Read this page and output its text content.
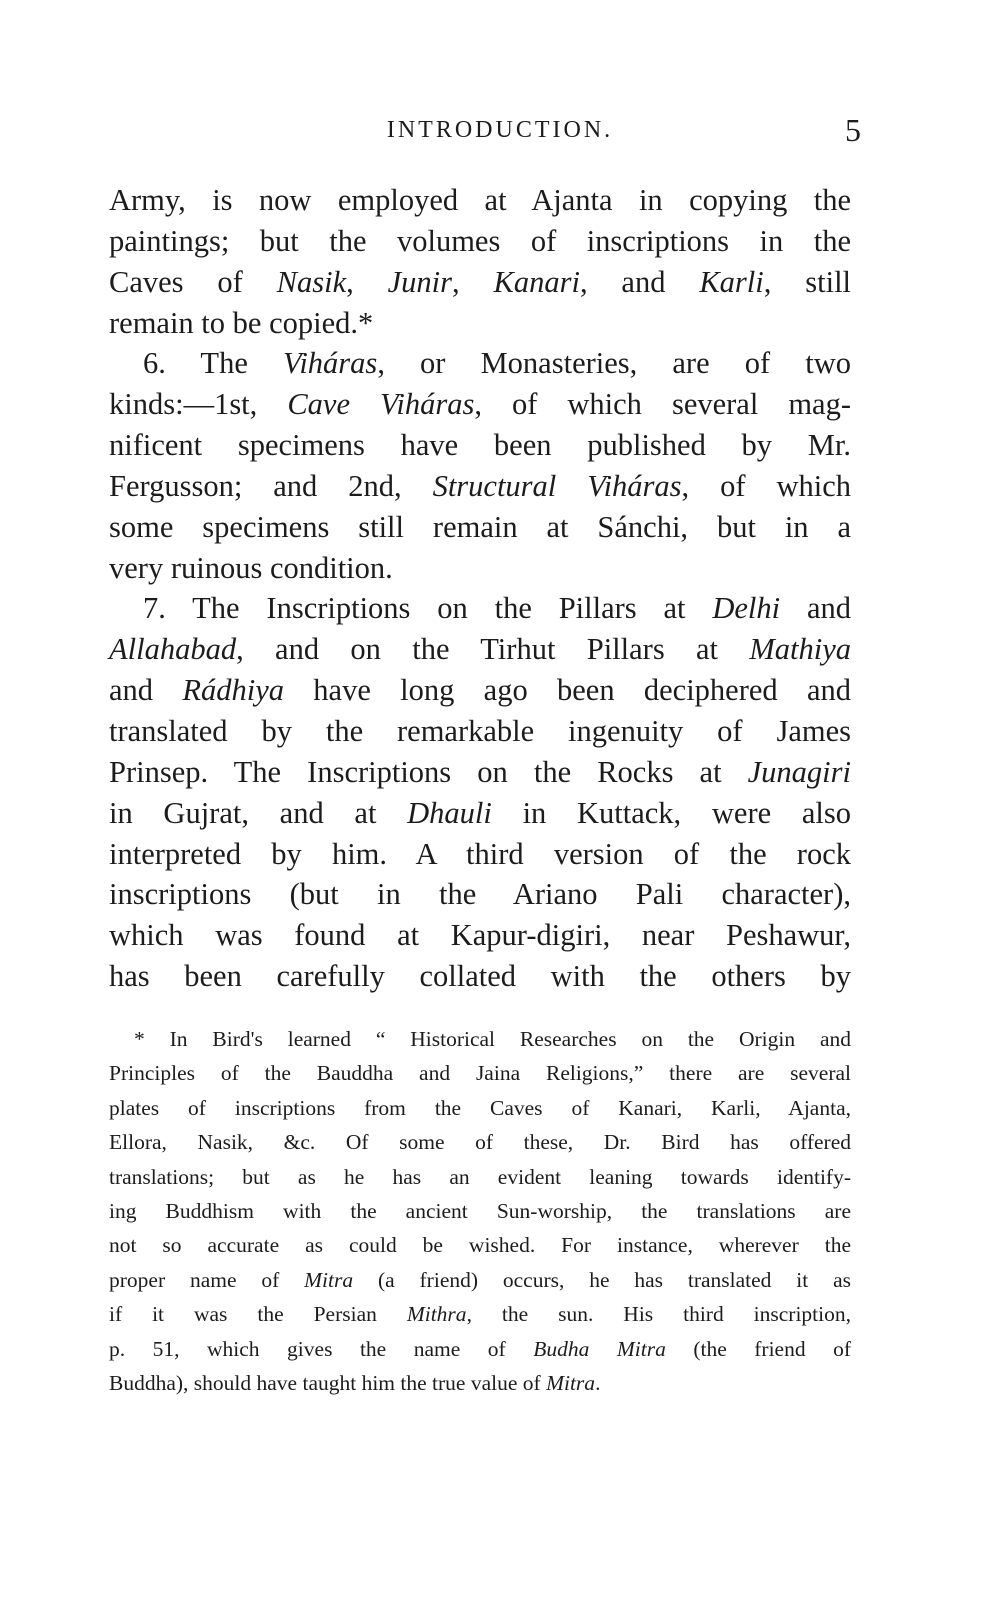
INTRODUCTION.	5
Army, is now employed at Ajanta in copying the
paintings; but the volumes of inscriptions in the
Caves of Nasik, Junir, Kanari, and Karli, still
remain to be copied.*
6. The Viháras, or Monasteries, are of two
kinds:—1st, Cave Viháras, of which several mag-
nificent specimens have been published by Mr.
Fergusson; and 2nd, Structural Viháras, of which
some specimens still remain at Sánchi, but in a
very ruinous condition.
7. The Inscriptions on the Pillars at Delhi and
Allahabad, and on the Tirhut Pillars at Mathiya
and Rádhiya have long ago been deciphered and
translated by the remarkable ingenuity of James
Prinsep. The Inscriptions on the Rocks at Junagiri
in Gujrat, and at Dhauli in Kuttack, were also
interpreted by him. A third version of the rock
inscriptions (but in the Ariano Pali character),
which was found at Kapur-digiri, near Peshawur,
has been carefully collated with the others by
* In Bird's learned “ Historical Researches on the Origin and
Principles of the Bauddha and Jaina Religions,” there are several
plates of inscriptions from the Caves of Kanari, Karli, Ajanta,
Ellora, Nasik, &c. Of some of these, Dr. Bird has offered
translations; but as he has an evident leaning towards identify-
ing Buddhism with the ancient Sun-worship, the translations are
not so accurate as could be wished. For instance, wherever the
proper name of Mitra (a friend) occurs, he has translated it as
if it was the Persian Mithra, the sun. His third inscription,
p. 51, which gives the name of Budha Mitra (the friend of
Buddha), should have taught him the true value of Mitra.
